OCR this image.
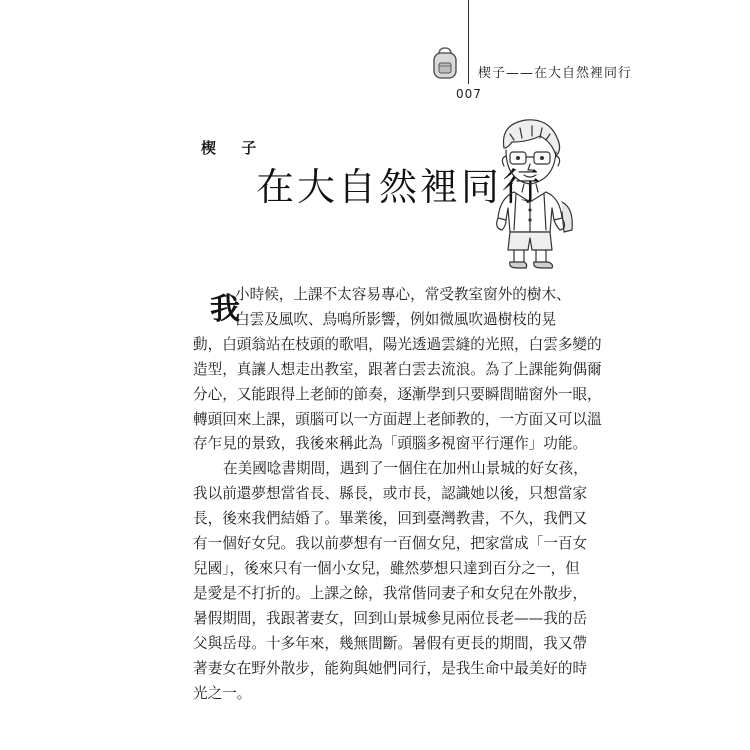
楔子——在大自然裡同行
007
楔 子
在大自然裡同行
我

小時候，上課不太容易專心，常受教室窗外的樹木、
白雲及風吹、鳥鳴所影響，例如微風吹過樹枝的晃
動，白頭翁站在枝頭的歌唱，陽光透過雲縫的光照，白雲多變的
造型，真讓人想走出教室，跟著白雲去流浪。為了上課能夠偶爾
分心，又能跟得上老師的節奏，逐漸學到只要瞬間瞄窗外一眼，
轉頭回來上課，頭腦可以一方面趕上老師教的，一方面又可以溫
存乍見的景致，我後來稱此為「頭腦多視窗平行運作」功能。

在美國唸書期間，遇到了一個住在加州山景城的好女孩，
我以前還夢想當省長、縣長，或市長，認識她以後，只想當家
長，後來我們結婚了。畢業後，回到臺灣教書，不久，我們又
有一個好女兒。我以前夢想有一百個女兒，把家當成「一百女
兒國」，後來只有一個小女兒，雖然夢想只達到百分之一，但
是愛是不打折的。上課之餘，我常偕同妻子和女兒在外散步，
暑假期間，我跟著妻女，回到山景城參見兩位長老——我的岳
父與岳母。十多年來，幾無間斷。暑假有更長的期間，我又帶
著妻女在野外散步，能夠與她們同行，是我生命中最美好的時
光之一。
